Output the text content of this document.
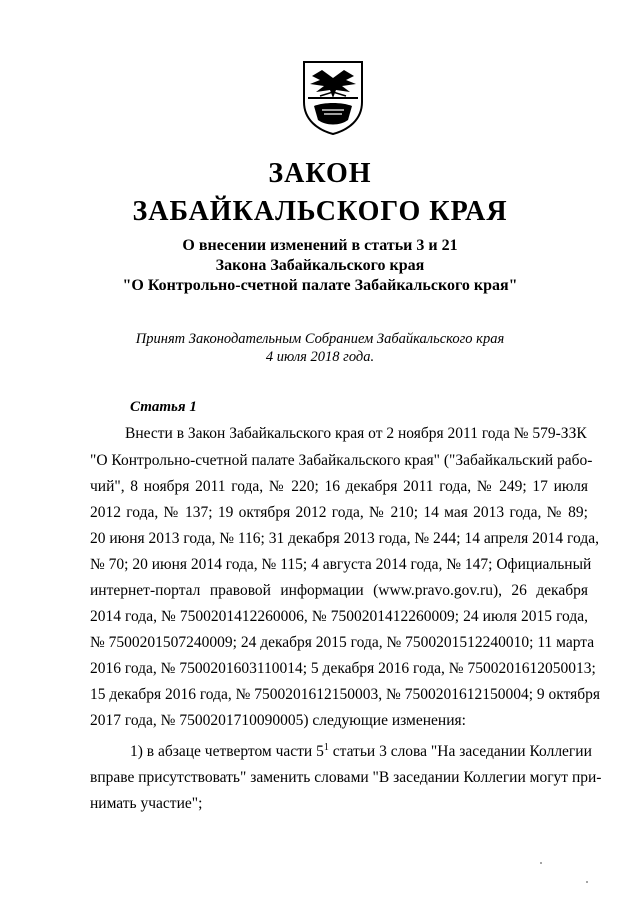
ЗАКОН
ЗАБАЙКАЛЬСКОГО КРАЯ
О внесении изменений в статьи 3 и 21
Закона Забайкальского края
"О Контрольно-счетной палате Забайкальского края"
Принят Законодательным Собранием Забайкальского края
4 июля 2018 года.
Статья 1
Внести в Закон Забайкальского края от 2 ноября 2011 года № 579-ЗЗК
"О Контрольно-счетной палате Забайкальского края" ("Забайкальский рабо-
чий", 8 ноября 2011 года, № 220; 16 декабря 2011 года, № 249; 17 июля
2012 года, № 137; 19 октября 2012 года, № 210; 14 мая 2013 года, № 89;
20 июня 2013 года, № 116; 31 декабря 2013 года, № 244; 14 апреля 2014 года,
№ 70; 20 июня 2014 года, № 115; 4 августа 2014 года, № 147; Официальный
интернет-портал правовой информации (www.pravo.gov.ru), 26 декабря
2014 года, № 7500201412260006, № 7500201412260009; 24 июля 2015 года,
№ 7500201507240009; 24 декабря 2015 года, № 7500201512240010; 11 марта
2016 года, № 7500201603110014; 5 декабря 2016 года, № 7500201612050013;
15 декабря 2016 года, № 7500201612150003, № 7500201612150004; 9 октября
2017 года, № 7500201710090005) следующие изменения:
1) в абзаце четвертом части $5^1$ статьи 3 слова "На заседании Коллегии
вправе присутствовать" заменить словами "В заседании Коллегии могут при-
нимать участие";
